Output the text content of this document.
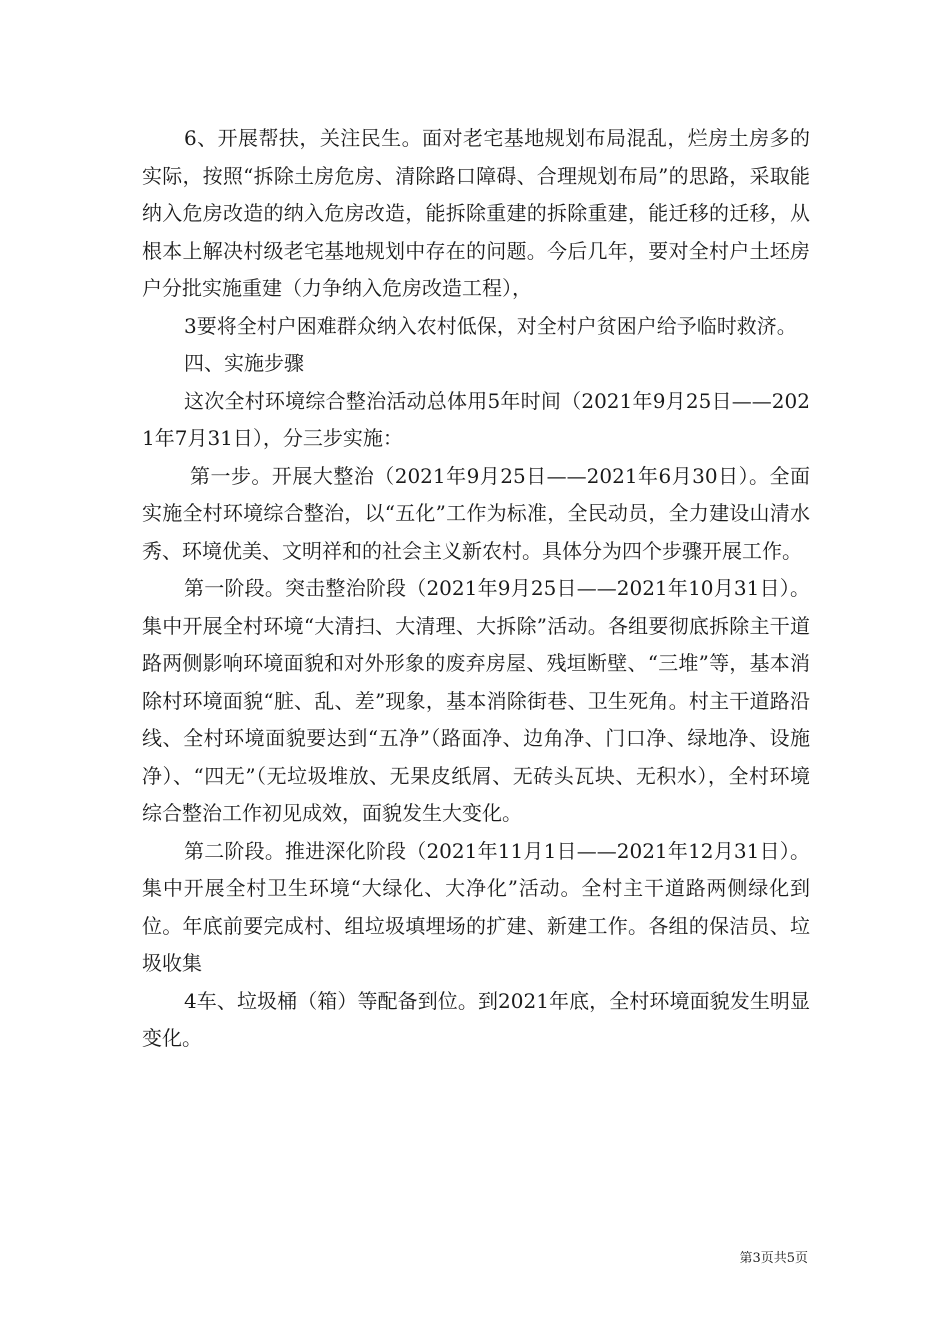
6、开展帮扶，关注民生。面对老宅基地规划布局混乱，烂房土房多的实际，按照“拆除土房危房、清除路口障碍、合理规划布局”的思路，采取能纳入危房改造的纳入危房改造，能拆除重建的拆除重建，能迁移的迁移，从根本上解决村级老宅基地规划中存在的问题。今后几年，要对全村户土坯房户分批实施重建（力争纳入危房改造工程），

3要将全村户困难群众纳入农村低保，对全村户贫困户给予临时救济。

四、实施步骤

这次全村环境综合整治活动总体用5年时间（2021年9月25日——2021年7月31日），分三步实施：

第一步。开展大整治（2021年9月25日——2021年6月30日）。全面实施全村环境综合整治，以“五化”工作为标准，全民动员，全力建设山清水秀、环境优美、文明祥和的社会主义新农村。具体分为四个步骤开展工作。

第一阶段。突击整治阶段（2021年9月25日——2021年10月31日）。集中开展全村环境“大清扫、大清理、大拆除”活动。各组要彻底拆除主干道路两侧影响环境面貌和对外形象的废弃房屋、残垣断壁、“三堆”等，基本消除村环境面貌“脏、乱、差”现象，基本消除街巷、卫生死角。村主干道路沿线、全村环境面貌要达到“五净”（路面净、边角净、门口净、绿地净、设施净）、“四无”（无垃圾堆放、无果皮纸屑、无砖头瓦块、无积水），全村环境综合整治工作初见成效，面貌发生大变化。

第二阶段。推进深化阶段（2021年11月1日——2021年12月31日）。集中开展全村卫生环境“大绿化、大净化”活动。全村主干道路两侧绿化到位。年底前要完成村、组垃圾填埋场的扩建、新建工作。各组的保洁员、垃圾收集

4车、垃圾桶（箱）等配备到位。到2021年底，全村环境面貌发生明显变化。

第3页共5页
